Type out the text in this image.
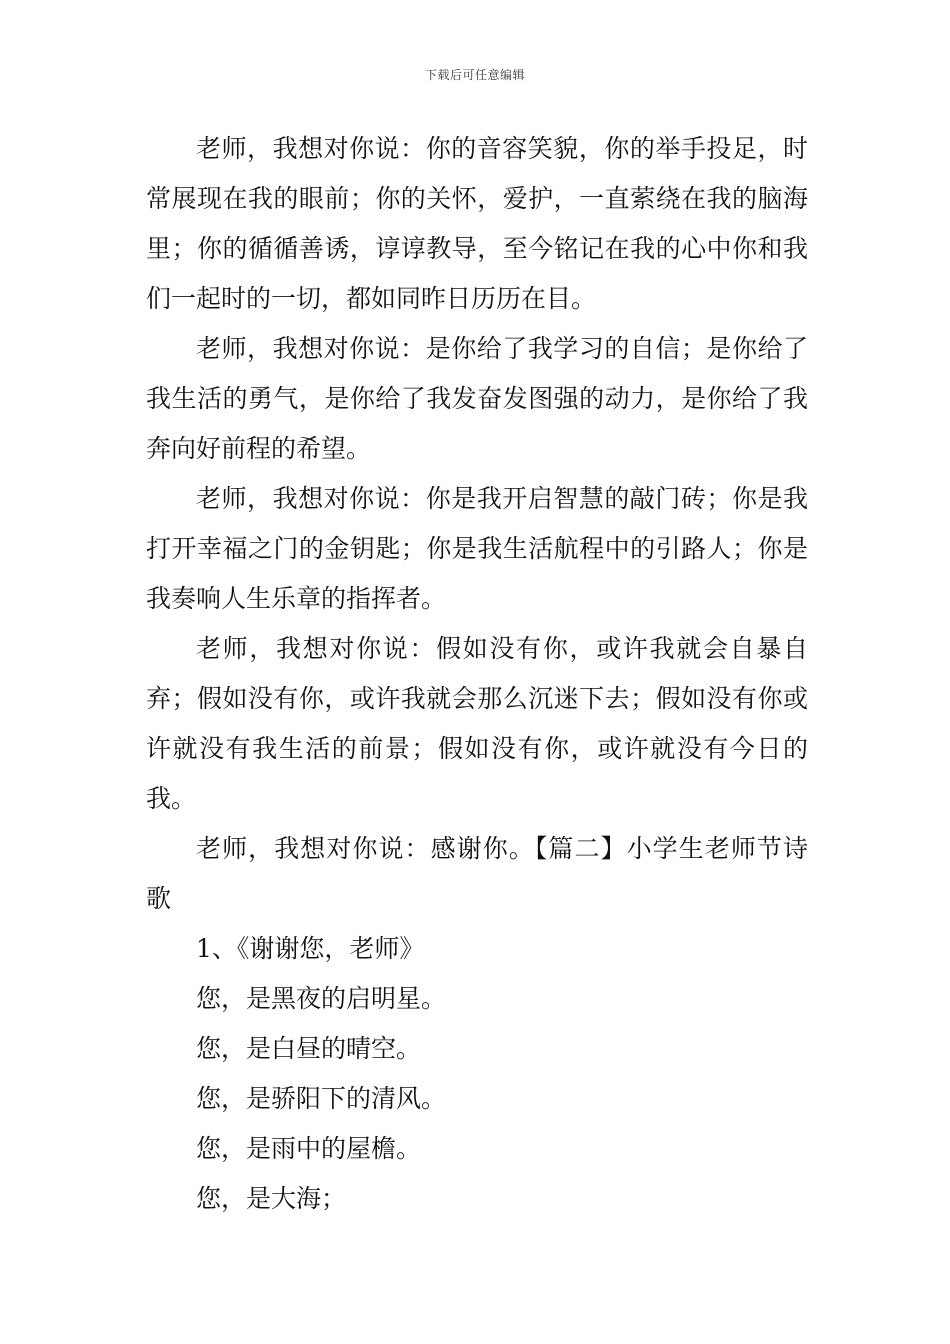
下载后可任意编辑

老师，我想对你说：你的音容笑貌，你的举手投足，时常展现在我的眼前；你的关怀，爱护，一直萦绕在我的脑海里；你的循循善诱，谆谆教导，至今铭记在我的心中你和我们一起时的一切，都如同昨日历历在目。

老师，我想对你说：是你给了我学习的自信；是你给了我生活的勇气，是你给了我发奋发图强的动力，是你给了我奔向好前程的希望。

老师，我想对你说：你是我开启智慧的敲门砖；你是我打开幸福之门的金钥匙；你是我生活航程中的引路人；你是我奏响人生乐章的指挥者。

老师，我想对你说：假如没有你，或许我就会自暴自弃；假如没有你，或许我就会那么沉迷下去；假如没有你或许就没有我生活的前景；假如没有你，或许就没有今日的我。

老师，我想对你说：感谢你。【篇二】小学生老师节诗歌

1、《谢谢您，老师》

您，是黑夜的启明星。

您，是白昼的晴空。

您，是骄阳下的清风。

您，是雨中的屋檐。

您，是大海；
